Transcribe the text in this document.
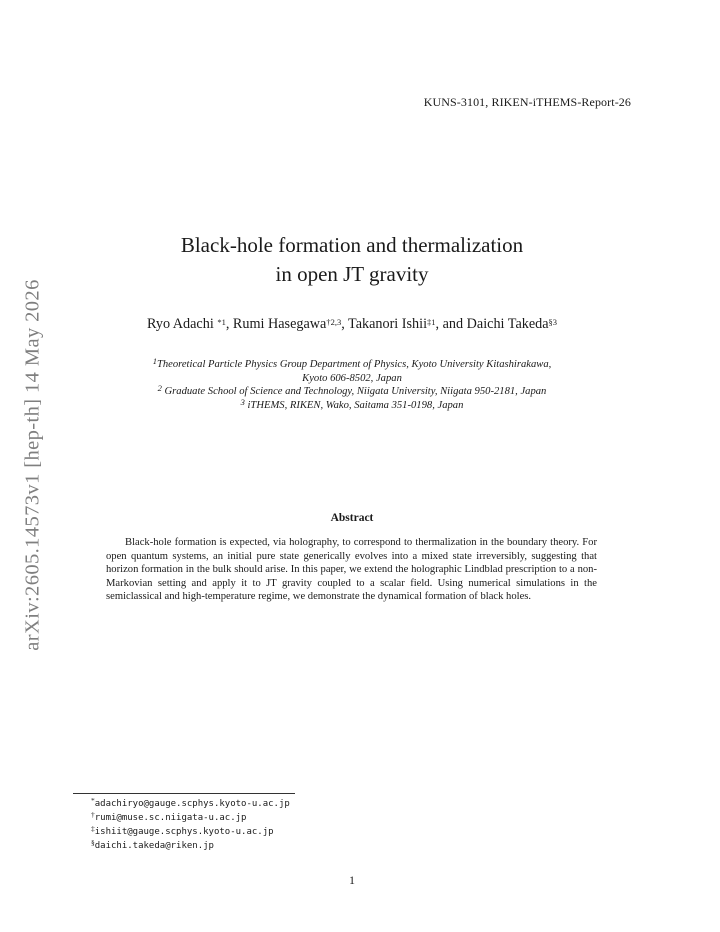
KUNS-3101, RIKEN-iTHEMS-Report-26
arXiv:2605.14573v1 [hep-th] 14 May 2026
Black-hole formation and thermalization
in open JT gravity
Ryo Adachi $^{*1}$, Rumi Hasegawa$^{\dagger 2,3}$, Takanori Ishii$^{\ddagger 1}$, and Daichi Takeda$^{\S 3}$
$^1$Theoretical Particle Physics Group Department of Physics, Kyoto University Kitashirakawa,
Kyoto 606-8502, Japan
$^2$ Graduate School of Science and Technology, Niigata University, Niigata 950-2181, Japan
$^3$ iTHEMS, RIKEN, Wako, Saitama 351-0198, Japan
Abstract

Black-hole formation is expected, via holography, to correspond to thermalization in the boundary theory. For open quantum systems, an initial pure state generically evolves into a mixed state irreversibly, suggesting that horizon formation in the bulk should arise. In this paper, we extend the holographic Lindblad prescription to a non-Markovian setting and apply it to JT gravity coupled to a scalar field. Using numerical simulations in the semiclassical and high-temperature regime, we demonstrate the dynamical formation of black holes.

*adachiryo@gauge.scphys.kyoto-u.ac.jp
†rumi@muse.sc.niigata-u.ac.jp
‡ishiit@gauge.scphys.kyoto-u.ac.jp
§daichi.takeda@riken.jp
1
